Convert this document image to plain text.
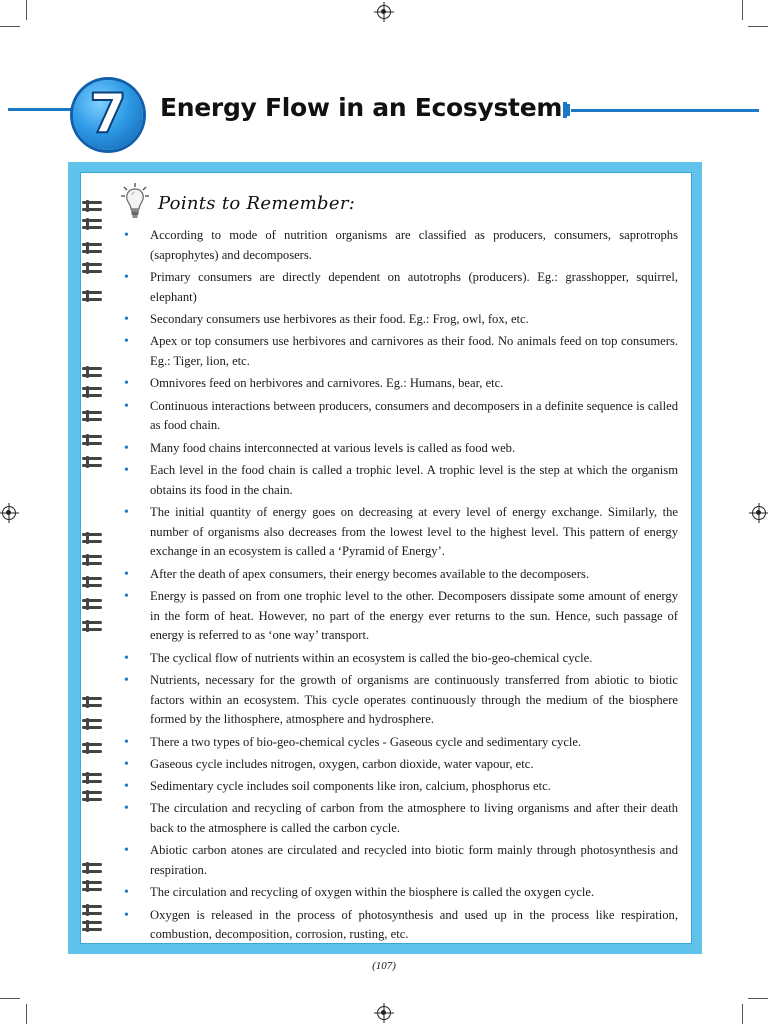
7 Energy Flow in an Ecosystem
Points to Remember:
• According to mode of nutrition organisms are classified as producers, consumers, saprotrophs (saprophytes) and decomposers.
• Primary consumers are directly dependent on autotrophs (producers). Eg.: grasshopper, squirrel, elephant)
• Secondary consumers use herbivores as their food. Eg.: Frog, owl, fox, etc.
• Apex or top consumers use herbivores and carnivores as their food. No animals feed on top consumers. Eg.: Tiger, lion, etc.
• Omnivores feed on herbivores and carnivores. Eg.: Humans, bear, etc.
• Continuous interactions between producers, consumers and decomposers in a definite sequence is called as food chain.
• Many food chains interconnected at various levels is called as food web.
• Each level in the food chain is called a trophic level. A trophic level is the step at which the organism obtains its food in the chain.
• The initial quantity of energy goes on decreasing at every level of energy exchange. Similarly, the number of organisms also decreases from the lowest level to the highest level. This pattern of energy exchange in an ecosystem is called a ‘Pyramid of Energy’.
• After the death of apex consumers, their energy becomes available to the decomposers.
• Energy is passed on from one trophic level to the other. Decomposers dissipate some amount of energy in the form of heat. However, no part of the energy ever returns to the sun. Hence, such passage of energy is referred to as ‘one way’ transport.
• The cyclical flow of nutrients within an ecosystem is called the bio-geo-chemical cycle.
• Nutrients, necessary for the growth of organisms are continuously transferred from abiotic to biotic factors within an ecosystem. This cycle operates continuously through the medium of the biosphere formed by the lithosphere, atmosphere and hydrosphere.
• There a two types of bio-geo-chemical cycles - Gaseous cycle and sedimentary cycle.
• Gaseous cycle includes nitrogen, oxygen, carbon dioxide, water vapour, etc.
• Sedimentary cycle includes soil components like iron, calcium, phosphorus etc.
• The circulation and recycling of carbon from the atmosphere to living organisms and after their death back to the atmosphere is called the carbon cycle.
• Abiotic carbon atones are circulated and recycled into biotic form mainly through photosynthesis and respiration.
• The circulation and recycling of oxygen within the biosphere is called the oxygen cycle.
• Oxygen is released in the process of photosynthesis and used up in the process like respiration, combustion, decomposition, corrosion, rusting, etc.
(107)
